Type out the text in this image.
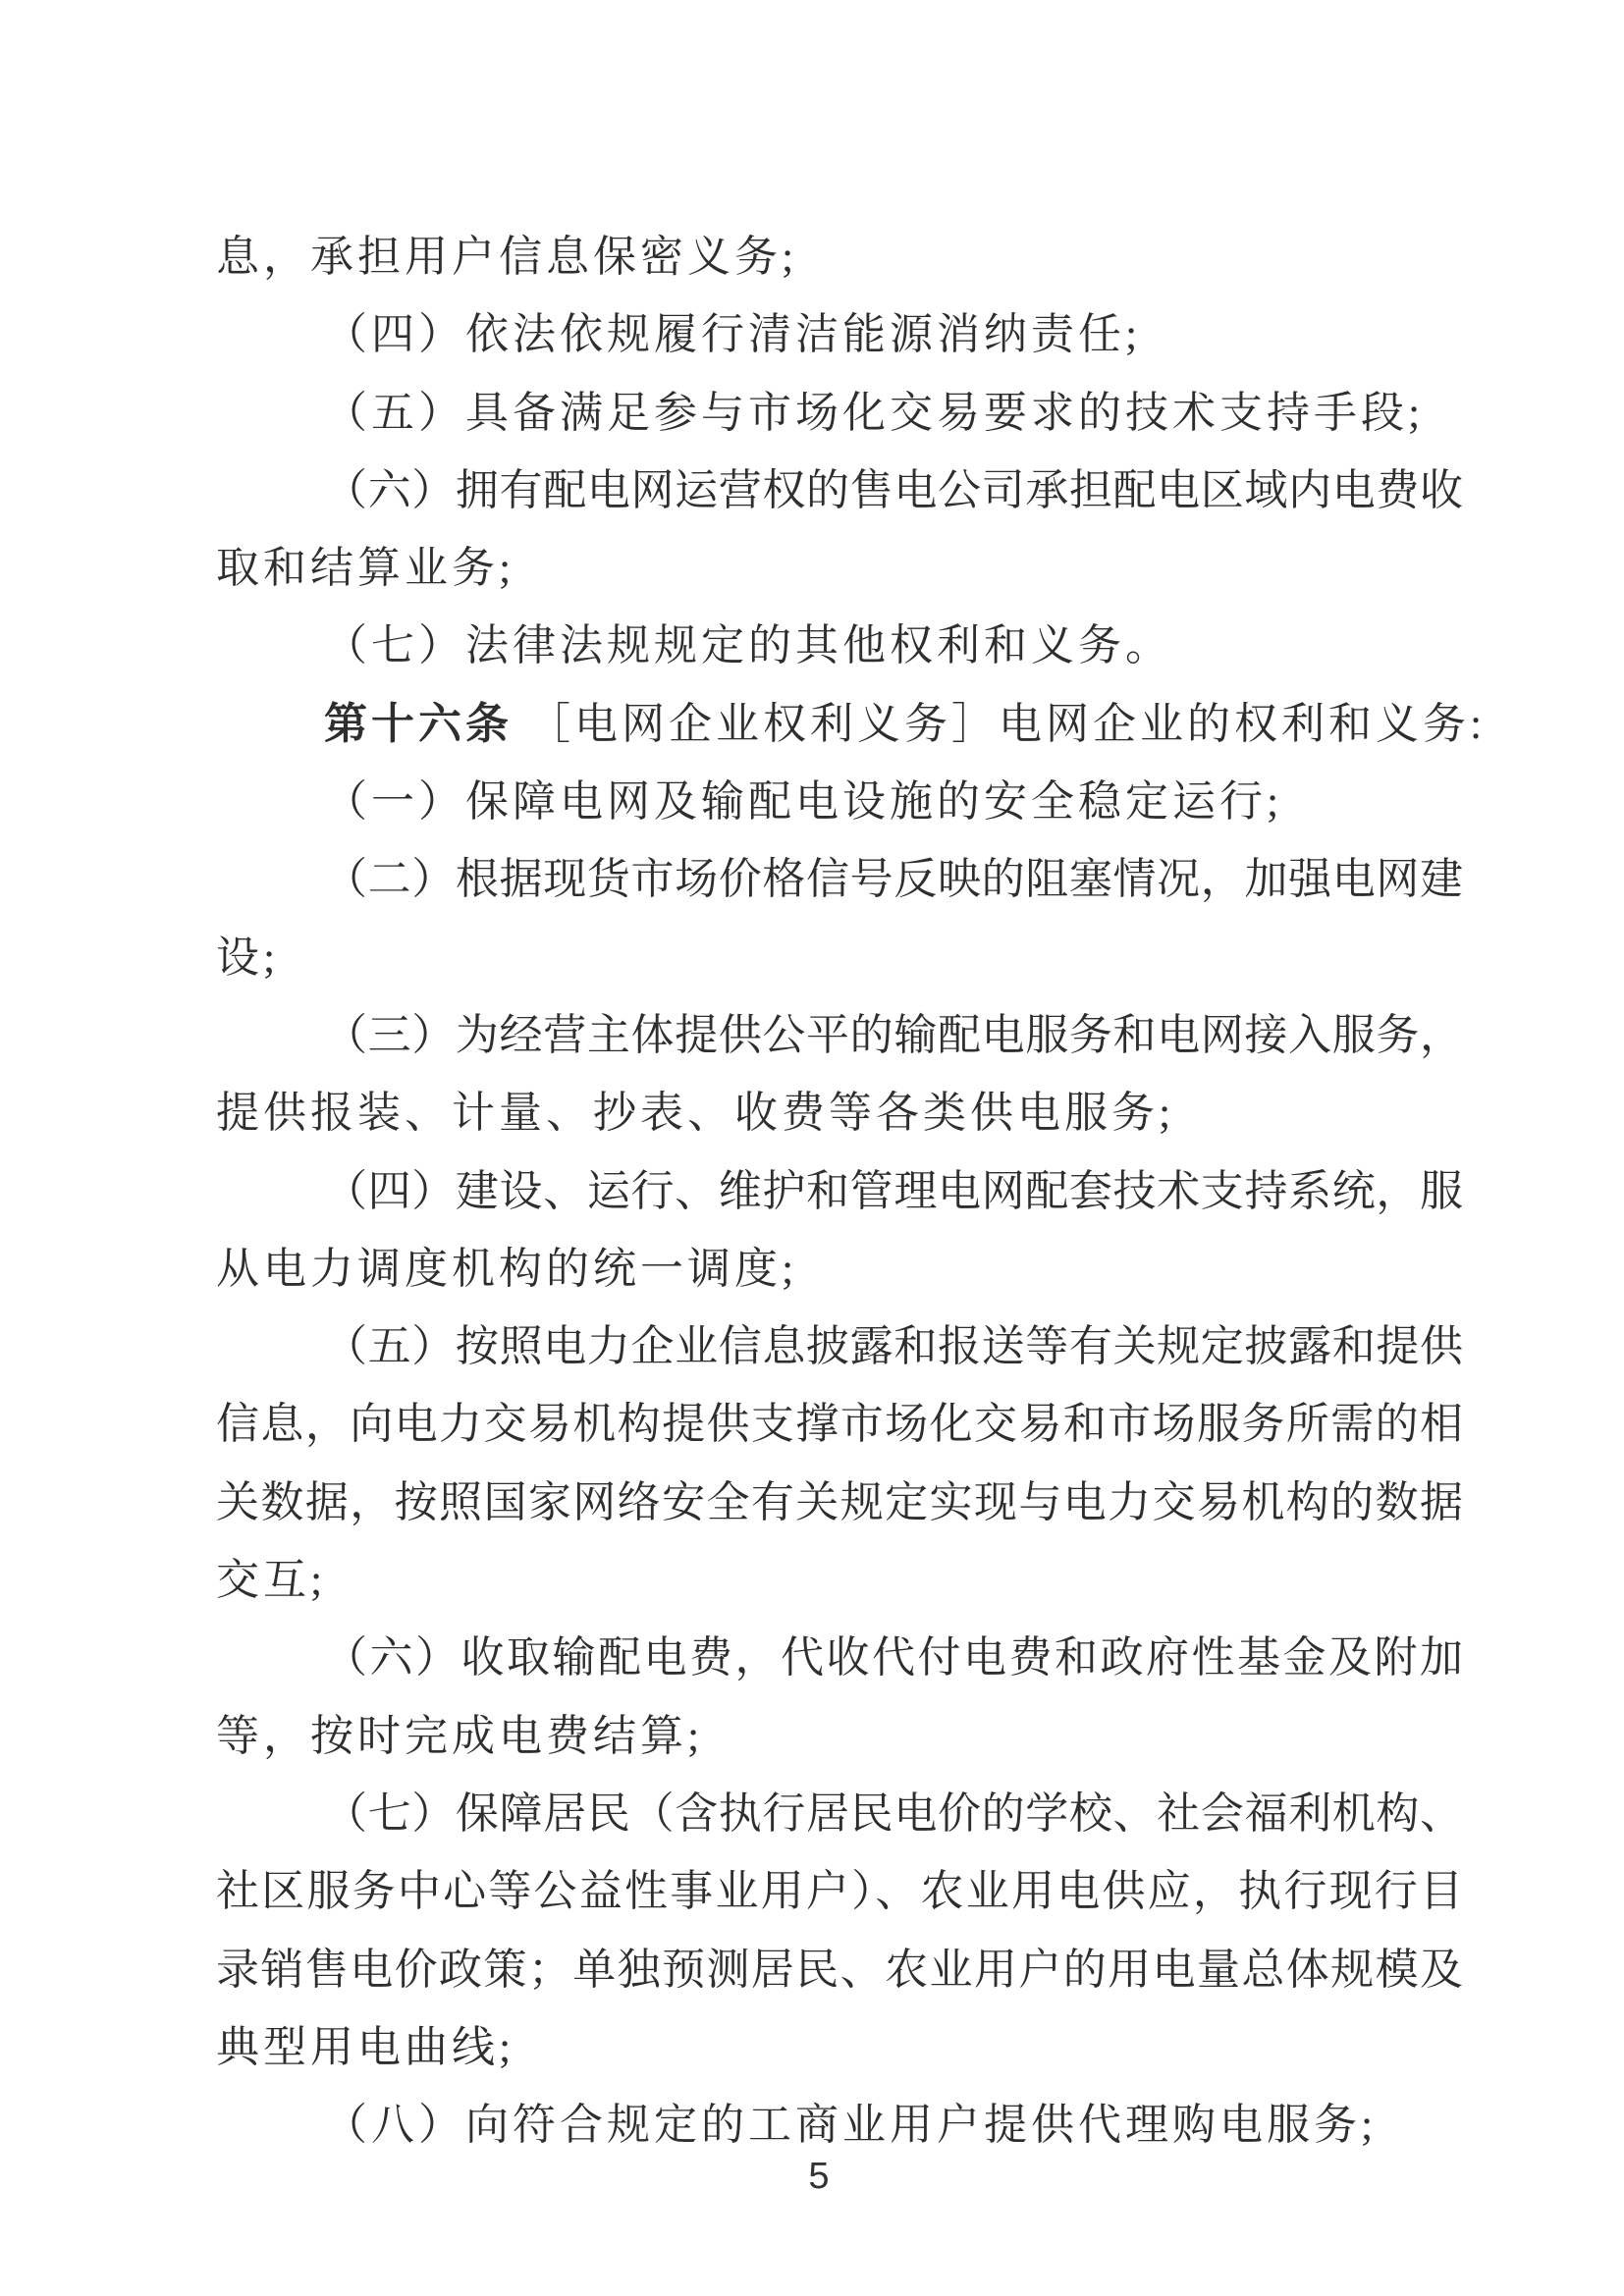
息，承担用户信息保密义务;
（四）依法依规履行清洁能源消纳责任;
（五）具备满足参与市场化交易要求的技术支持手段;
（六）拥有配电网运营权的售电公司承担配电区域内电费收
取和结算业务;
（七）法律法规规定的其他权利和义务。
第十六条 ［电网企业权利义务］电网企业的权利和义务:
（一）保障电网及输配电设施的安全稳定运行;
（二）根据现货市场价格信号反映的阻塞情况，加强电网建
设;
（三）为经营主体提供公平的输配电服务和电网接入服务，
提供报装、计量、抄表、收费等各类供电服务;
（四）建设、运行、维护和管理电网配套技术支持系统，服
从电力调度机构的统一调度;
（五）按照电力企业信息披露和报送等有关规定披露和提供
信息，向电力交易机构提供支撑市场化交易和市场服务所需的相
关数据，按照国家网络安全有关规定实现与电力交易机构的数据
交互;
（六）收取输配电费，代收代付电费和政府性基金及附加
等，按时完成电费结算;
（七）保障居民（含执行居民电价的学校、社会福利机构、
社区服务中心等公益性事业用户）、农业用电供应，执行现行目
录销售电价政策；单独预测居民、农业用户的用电量总体规模及
典型用电曲线;
（八）向符合规定的工商业用户提供代理购电服务;
5
